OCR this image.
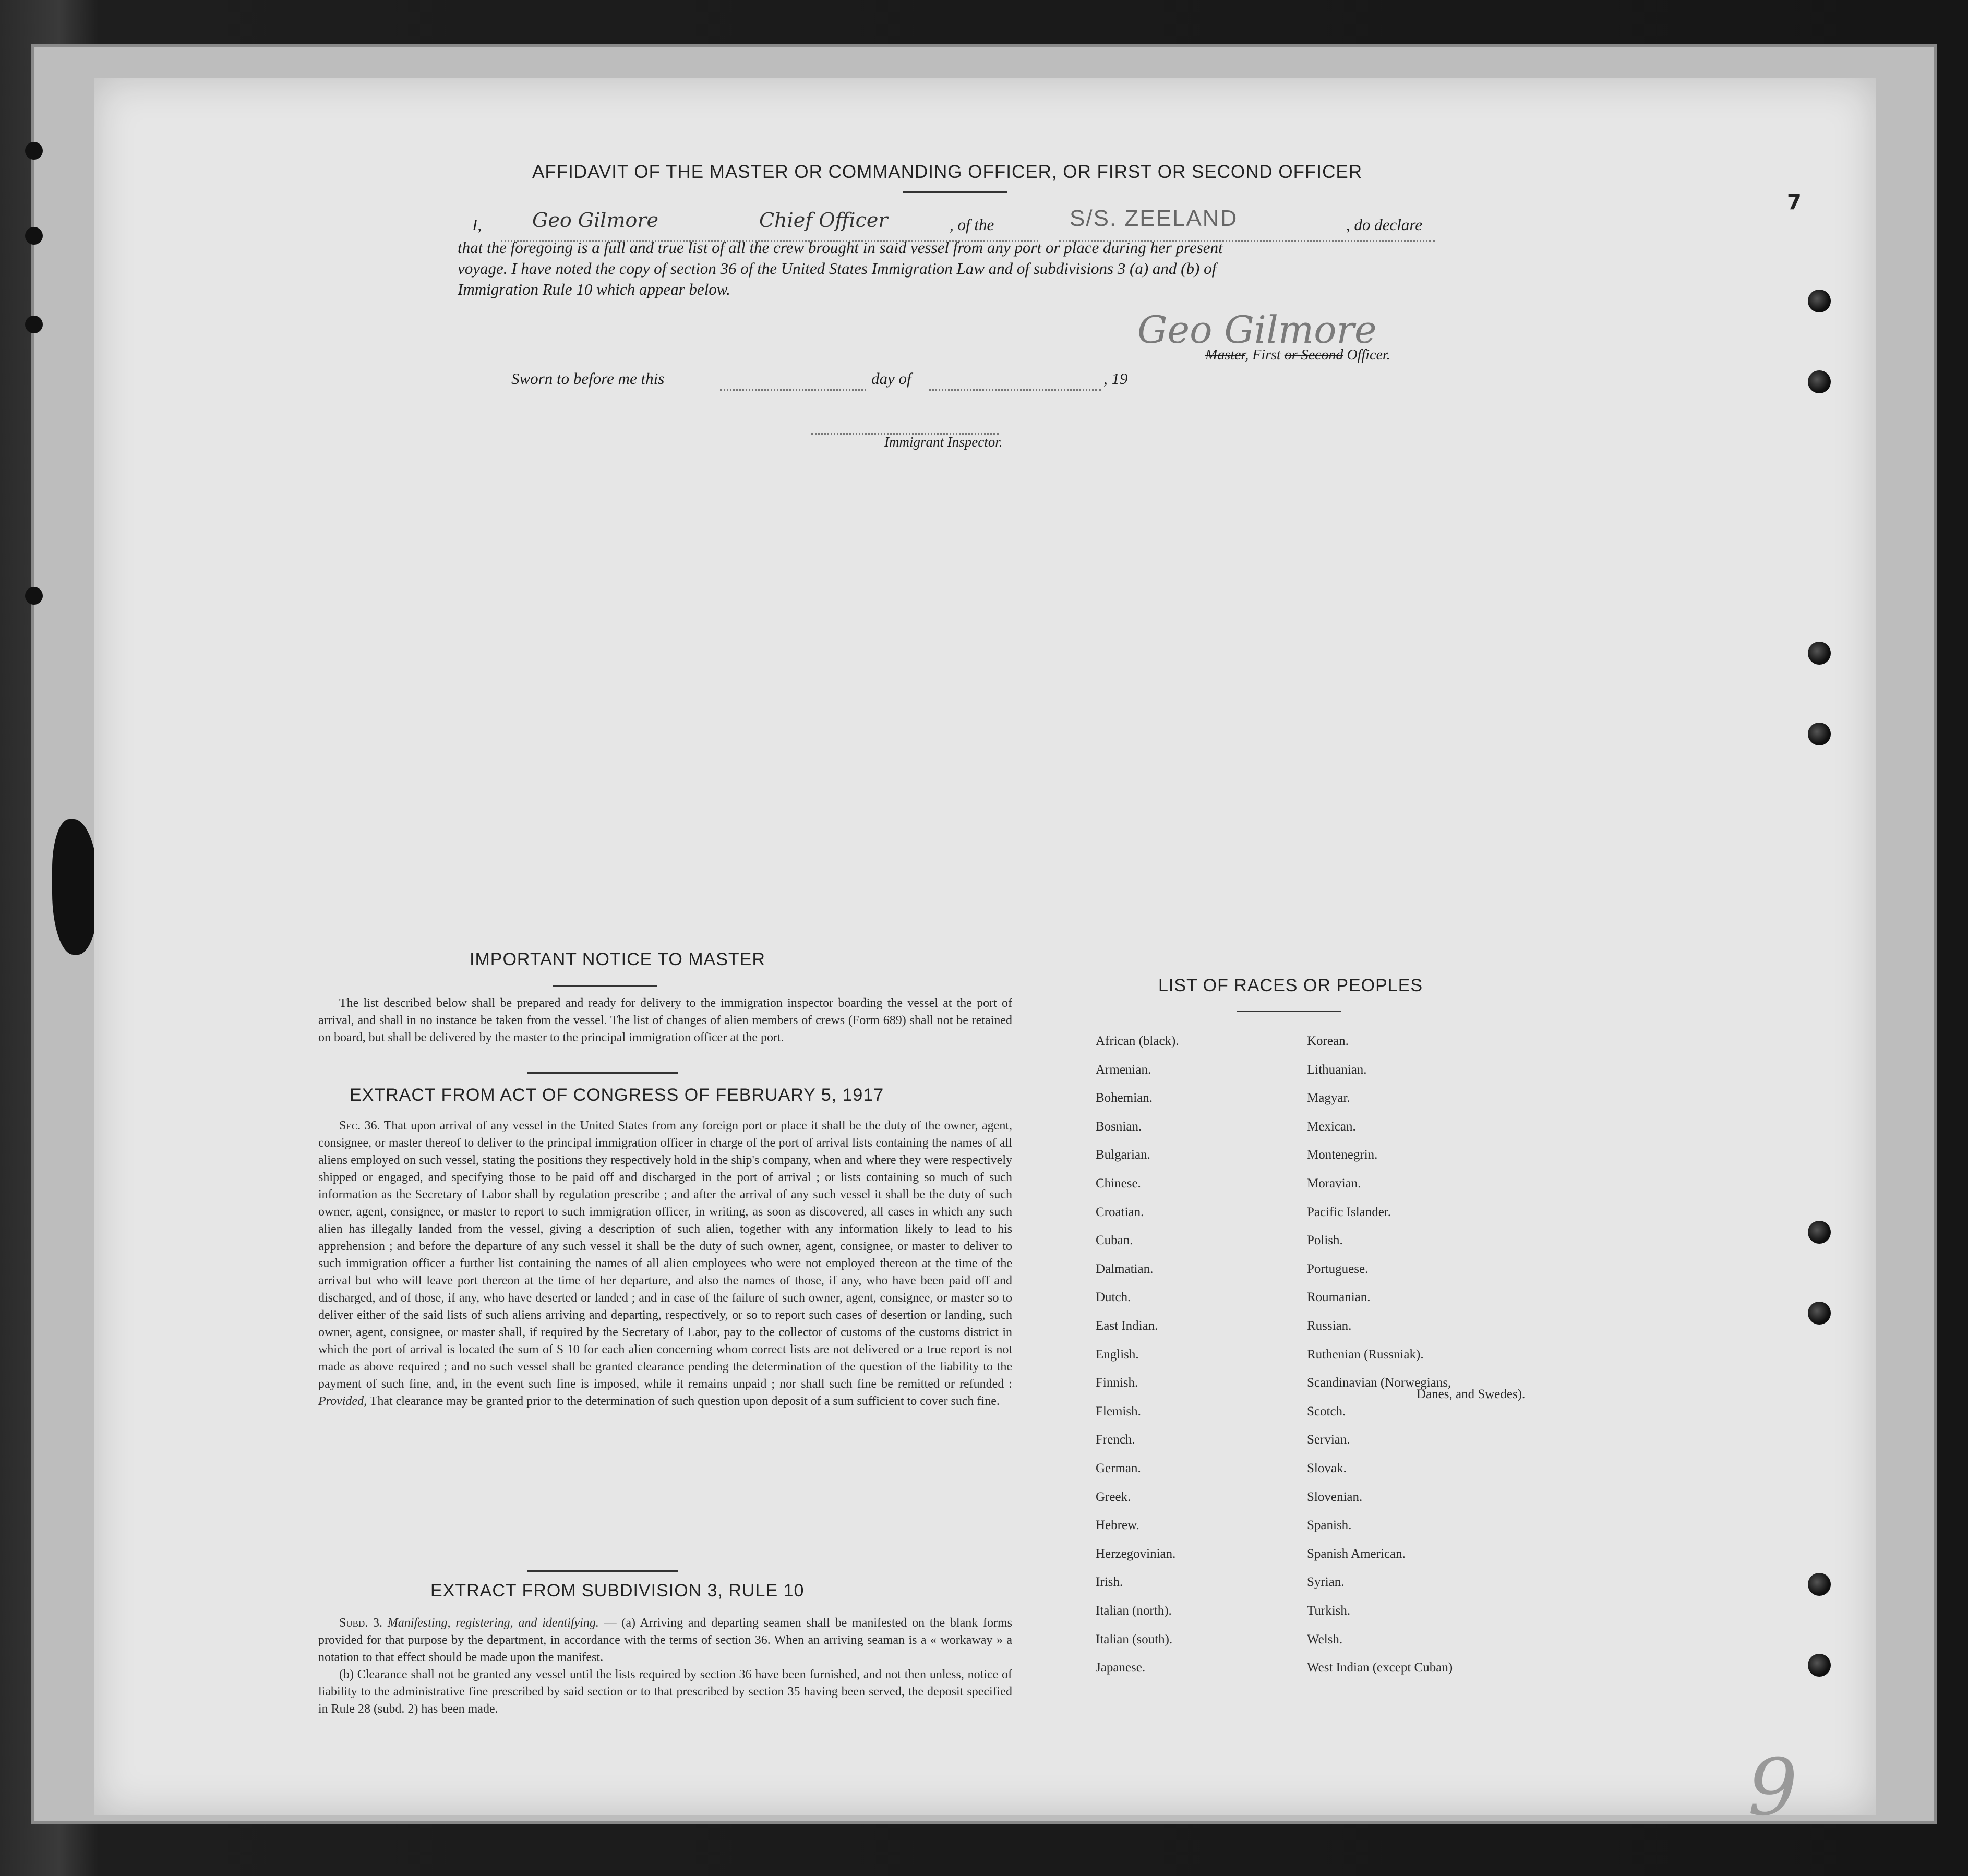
AFFIDAVIT OF THE MASTER OR COMMANDING OFFICER, OR FIRST OR SECOND OFFICER
I,	Geo Gilmore	Chief Officer	, of the	S/S. ZEELAND	, do declare
that the foregoing is a full and true list of all the crew brought in said vessel from any port or place during her present
voyage. I have noted the copy of section 36 of the United States Immigration Law and of subdivisions 3 (a) and (b) of
Immigration Rule 10 which appear below.
Geo Gilmore
Master, First or Second Officer.
Sworn to before me this	day of	, 19
Immigrant Inspector.
IMPORTANT NOTICE TO MASTER
The list described below shall be prepared and ready for delivery to the immigration inspector boarding the vessel at the port of arrival, and shall in no instance be taken from the vessel. The list of changes of alien members of crews (Form 689) shall not be retained on board, but shall be delivered by the master to the principal immigration officer at the port.
EXTRACT FROM ACT OF CONGRESS OF FEBRUARY 5, 1917
Sec. 36. That upon arrival of any vessel in the United States from any foreign port or place it shall be the duty of the owner, agent, consignee, or master thereof to deliver to the principal immigration officer in charge of the port of arrival lists containing the names of all aliens employed on such vessel, stating the positions they respectively hold in the ship's company, when and where they were respectively shipped or engaged, and specifying those to be paid off and discharged in the port of arrival ; or lists containing so much of such information as the Secretary of Labor shall by regulation prescribe ; and after the arrival of any such vessel it shall be the duty of such owner, agent, consignee, or master to report to such immigration officer, in writing, as soon as discovered, all cases in which any such alien has illegally landed from the vessel, giving a description of such alien, together with any information likely to lead to his apprehension ; and before the departure of any such vessel it shall be the duty of such owner, agent, consignee, or master to deliver to such immigration officer a further list containing the names of all alien employees who were not employed thereon at the time of the arrival but who will leave port thereon at the time of her departure, and also the names of those, if any, who have been paid off and discharged, and of those, if any, who have deserted or landed ; and in case of the failure of such owner, agent, consignee, or master so to deliver either of the said lists of such aliens arriving and departing, respectively, or so to report such cases of desertion or landing, such owner, agent, consignee, or master shall, if required by the Secretary of Labor, pay to the collector of customs of the customs district in which the port of arrival is located the sum of $ 10 for each alien concerning whom correct lists are not delivered or a true report is not made as above required ; and no such vessel shall be granted clearance pending the determination of the question of the liability to the payment of such fine, and, in the event such fine is imposed, while it remains unpaid ; nor shall such fine be remitted or refunded : Provided, That clearance may be granted prior to the determination of such question upon deposit of a sum sufficient to cover such fine.
EXTRACT FROM SUBDIVISION 3, RULE 10
Subd. 3. Manifesting, registering, and identifying. — (a) Arriving and departing seamen shall be manifested on the blank forms provided for that purpose by the department, in accordance with the terms of section 36. When an arriving seaman is a « workaway » a notation to that effect should be made upon the manifest.
(b) Clearance shall not be granted any vessel until the lists required by section 36 have been furnished, and not then unless, notice of liability to the administrative fine prescribed by said section or to that prescribed by section 35 having been served, the deposit specified in Rule 28 (subd. 2) has been made.
LIST OF RACES OR PEOPLES
Danes, and Swedes).
9
7
African (black).
Armenian.
Bohemian.
Bosnian.
Bulgarian.
Chinese.
Croatian.
Cuban.
Dalmatian.
Dutch.
East Indian.
English.
Finnish.
Flemish.
French.
German.
Greek.
Hebrew.
Herzegovinian.
Irish.
Italian (north).
Italian (south).
Japanese.
Korean.
Lithuanian.
Magyar.
Mexican.
Montenegrin.
Moravian.
Pacific Islander.
Polish.
Portuguese.
Roumanian.
Russian.
Ruthenian (Russniak).
Scandinavian (Norwegians,
Scotch.
Servian.
Slovak.
Slovenian.
Spanish.
Spanish American.
Syrian.
Turkish.
Welsh.
West Indian (except Cuban)
